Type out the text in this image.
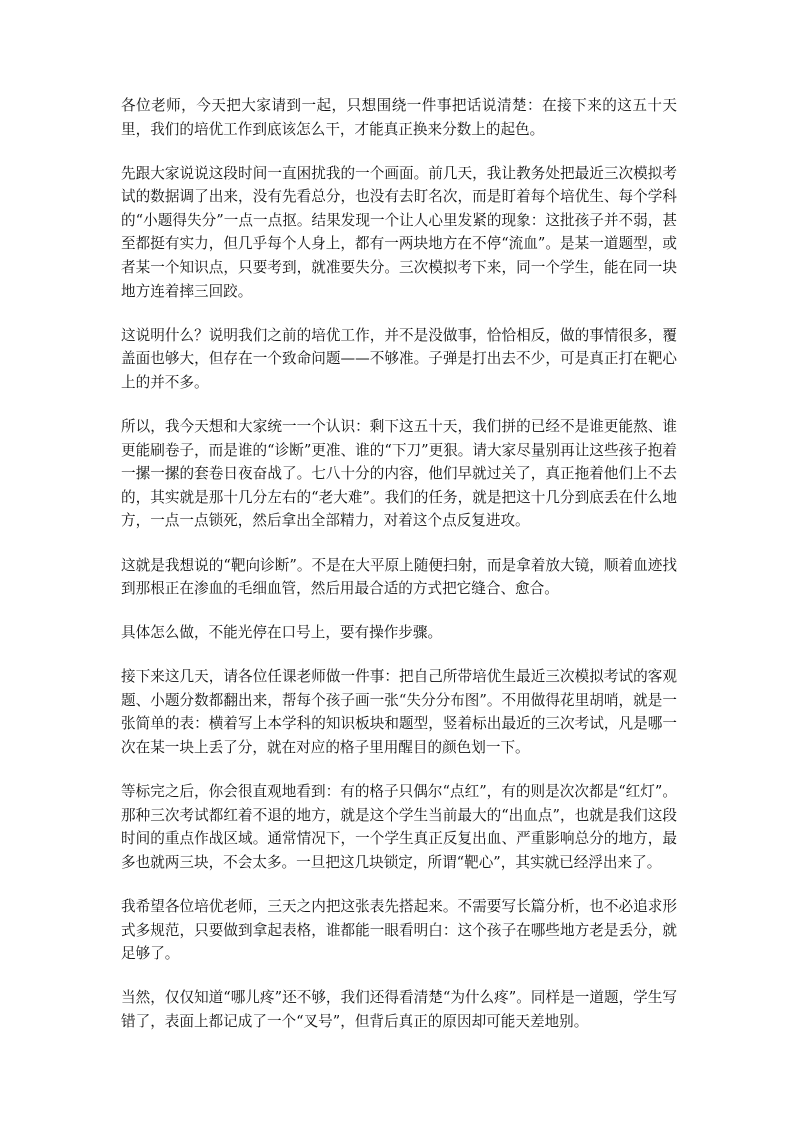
各位老师，今天把大家请到一起，只想围绕一件事把话说清楚：在接下来的这五十天里，我们的培优工作到底该怎么干，才能真正换来分数上的起色。

先跟大家说说这段时间一直困扰我的一个画面。前几天，我让教务处把最近三次模拟考试的数据调了出来，没有先看总分，也没有去盯名次，而是盯着每个培优生、每个学科的“小题得失分”一点一点抠。结果发现一个让人心里发紧的现象：这批孩子并不弱，甚至都挺有实力，但几乎每个人身上，都有一两块地方在不停“流血”。是某一道题型，或者某一个知识点，只要考到，就准要失分。三次模拟考下来，同一个学生，能在同一块地方连着摔三回跤。

这说明什么？说明我们之前的培优工作，并不是没做事，恰恰相反，做的事情很多，覆盖面也够大，但存在一个致命问题——不够准。子弹是打出去不少，可是真正打在靶心上的并不多。

所以，我今天想和大家统一一个认识：剩下这五十天，我们拼的已经不是谁更能熬、谁更能刷卷子，而是谁的“诊断”更准、谁的“下刀”更狠。请大家尽量别再让这些孩子抱着一摞一摞的套卷日夜奋战了。七八十分的内容，他们早就过关了，真正拖着他们上不去的，其实就是那十几分左右的“老大难”。我们的任务，就是把这十几分到底丢在什么地方，一点一点锁死，然后拿出全部精力，对着这个点反复进攻。

这就是我想说的“靶向诊断”。不是在大平原上随便扫射，而是拿着放大镜，顺着血迹找到那根正在渗血的毛细血管，然后用最合适的方式把它缝合、愈合。

具体怎么做，不能光停在口号上，要有操作步骤。

接下来这几天，请各位任课老师做一件事：把自己所带培优生最近三次模拟考试的客观题、小题分数都翻出来，帮每个孩子画一张“失分分布图”。不用做得花里胡哨，就是一张简单的表：横着写上本学科的知识板块和题型，竖着标出最近的三次考试，凡是哪一次在某一块上丢了分，就在对应的格子里用醒目的颜色划一下。

等标完之后，你会很直观地看到：有的格子只偶尔“点红”，有的则是次次都是“红灯”。那种三次考试都红着不退的地方，就是这个学生当前最大的“出血点”，也就是我们这段时间的重点作战区域。通常情况下，一个学生真正反复出血、严重影响总分的地方，最多也就两三块，不会太多。一旦把这几块锁定，所谓“靶心”，其实就已经浮出来了。

我希望各位培优老师，三天之内把这张表先搭起来。不需要写长篇分析，也不必追求形式多规范，只要做到拿起表格，谁都能一眼看明白：这个孩子在哪些地方老是丢分，就足够了。

当然，仅仅知道“哪儿疼”还不够，我们还得看清楚“为什么疼”。同样是一道题，学生写错了，表面上都记成了一个“叉号”，但背后真正的原因却可能天差地别。
